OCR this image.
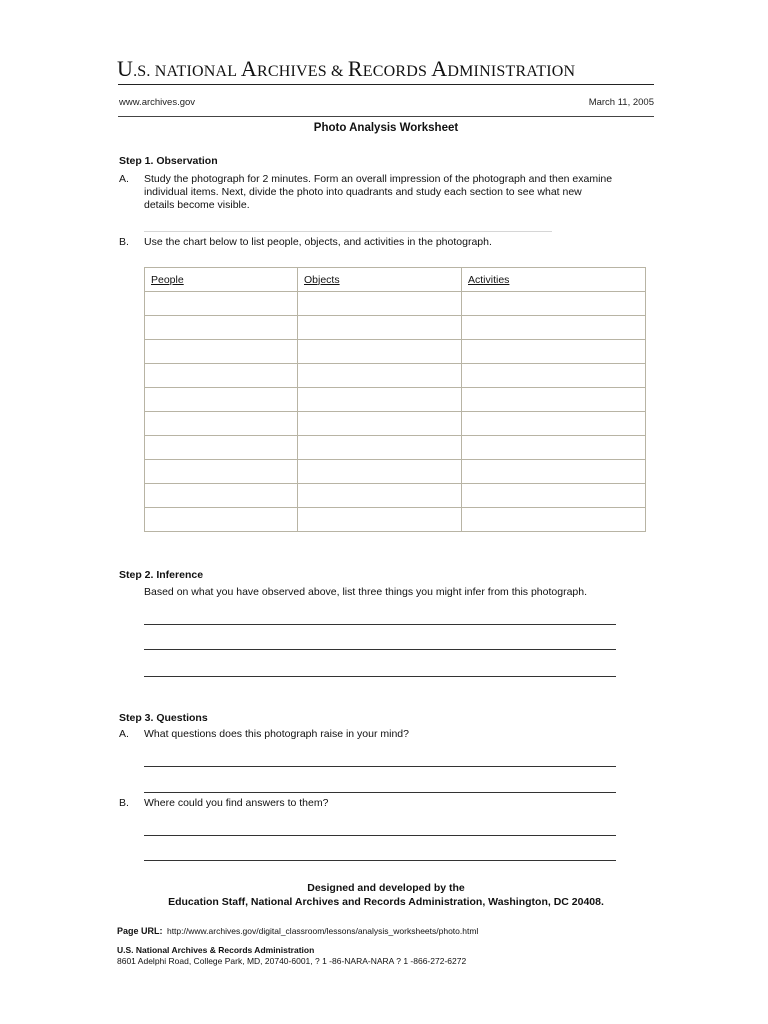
U.S. NATIONAL ARCHIVES & RECORDS ADMINISTRATION
www.archives.gov	March 11, 2005
Photo Analysis Worksheet
Step 1. Observation
A. Study the photograph for 2 minutes. Form an overall impression of the photograph and then examine
individual items. Next, divide the photo into quadrants and study each section to see what new
details become visible.
B. Use the chart below to list people, objects, and activities in the photograph.
People	Objects	Activities

Step 2. Inference
Based on what you have observed above, list three things you might infer from this photograph.
Step 3. Questions
A. What questions does this photograph raise in your mind?
B. Where could you find answers to them?
Designed and developed by the
Education Staff, National Archives and Records Administration, Washington, DC 20408.
Page URL: http://www.archives.gov/digital_classroom/lessons/analysis_worksheets/photo.html
U.S. National Archives & Records Administration
8601 Adelphi Road, College Park, MD, 20740-6001, ? 1 -86-NARA-NARA ? 1 -866-272-6272
